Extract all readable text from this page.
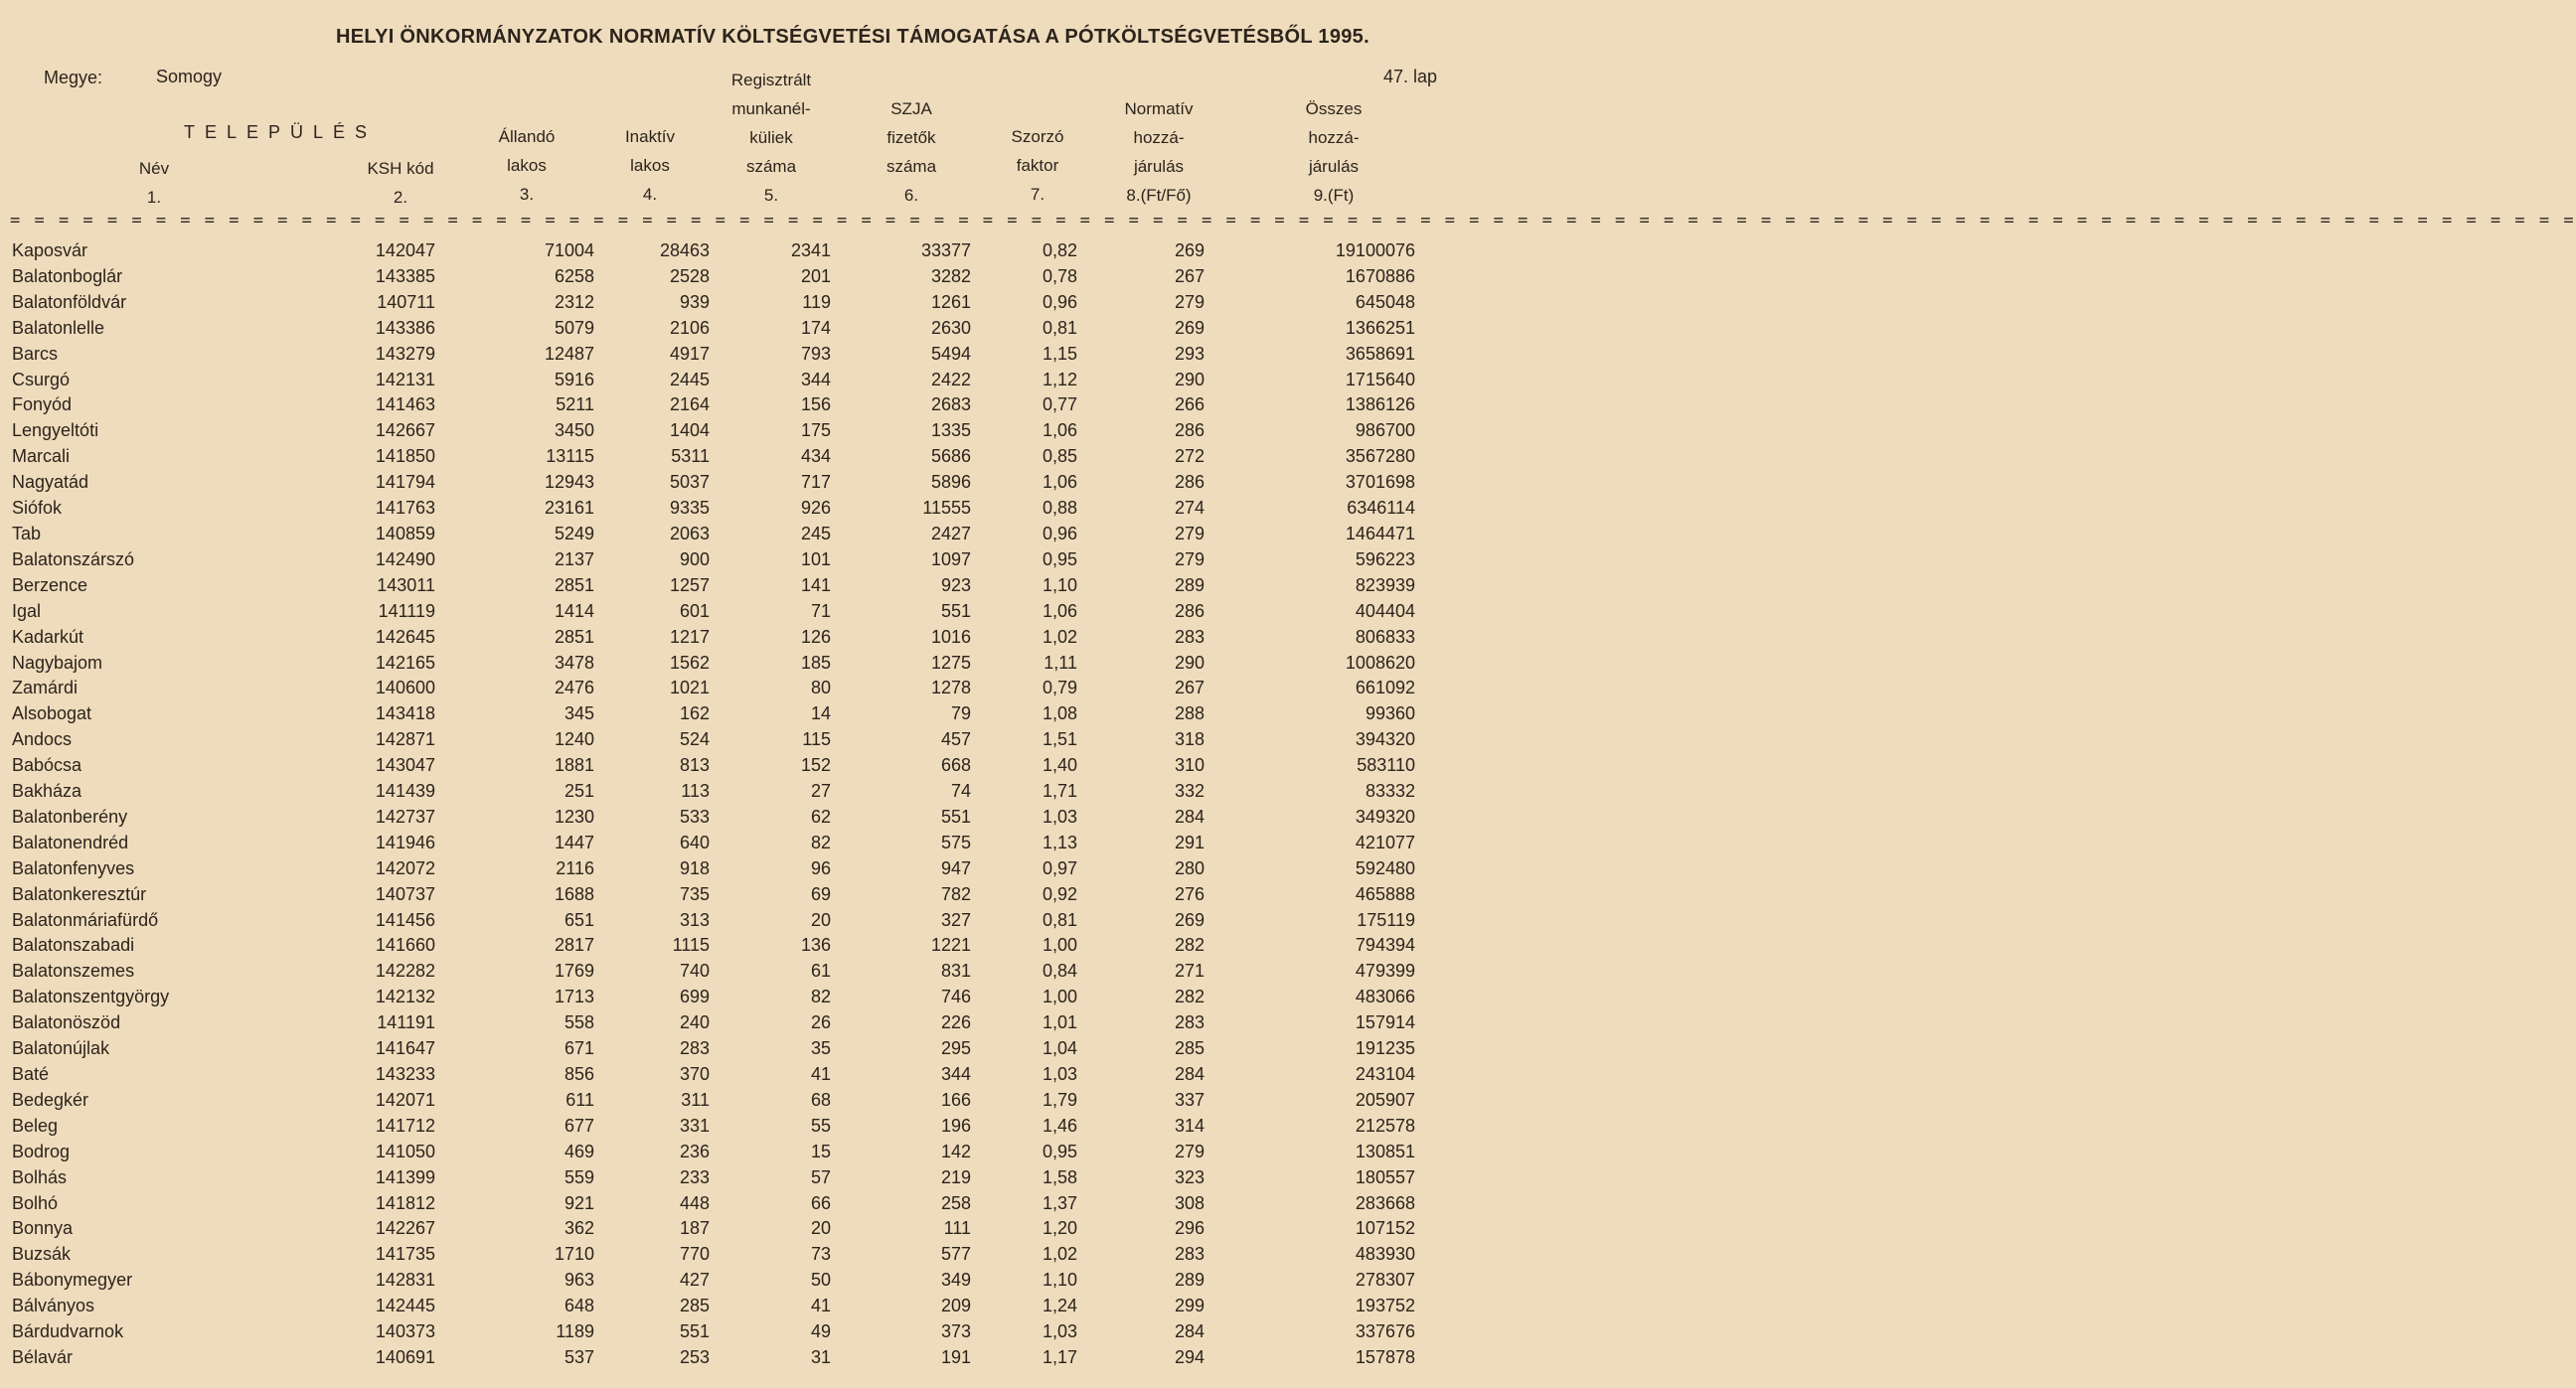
HELYI ÖNKORMÁNYZATOK NORMATÍV KÖLTSÉGVETÉSI TÁMOGATÁSA A PÓTKÖLTSÉGVETÉSBŐL 1995.
Megye:	Somogy	47. lap
TELEPÜLÉS
Név
1.
KSH kód
2.
Állandó
lakos
3.
Inaktív
lakos
4.
Regisztrált
munkanél-
küliek
száma
5.
SZJA
fizetők
száma
6.
Szorzó
faktor
7.
Normatív
hozzá-
járulás
8.(Ft/Fő)
Összes
hozzá-
járulás
9.(Ft)
= = = = = = = = = = = = = = = = = = = = = = = = = = = = = = = = = = = = = = = = = = = = = = = = = = = = = = = = = = = = = = = = = = = = = = = = = = = = = = = = = = = = = = = = = = = = = = = = = = = = = = = = = =
Kaposvár	142047	71004	28463	2341	33377	0,82	269	19100076
Balatonboglár	143385	6258	2528	201	3282	0,78	267	1670886
Balatonföldvár	140711	2312	939	119	1261	0,96	279	645048
Balatonlelle	143386	5079	2106	174	2630	0,81	269	1366251
Barcs	143279	12487	4917	793	5494	1,15	293	3658691
Csurgó	142131	5916	2445	344	2422	1,12	290	1715640
Fonyód	141463	5211	2164	156	2683	0,77	266	1386126
Lengyeltóti	142667	3450	1404	175	1335	1,06	286	986700
Marcali	141850	13115	5311	434	5686	0,85	272	3567280
Nagyatád	141794	12943	5037	717	5896	1,06	286	3701698
Siófok	141763	23161	9335	926	11555	0,88	274	6346114
Tab	140859	5249	2063	245	2427	0,96	279	1464471
Balatonszárszó	142490	2137	900	101	1097	0,95	279	596223
Berzence	143011	2851	1257	141	923	1,10	289	823939
Igal	141119	1414	601	71	551	1,06	286	404404
Kadarkút	142645	2851	1217	126	1016	1,02	283	806833
Nagybajom	142165	3478	1562	185	1275	1,11	290	1008620
Zamárdi	140600	2476	1021	80	1278	0,79	267	661092
Alsobogat	143418	345	162	14	79	1,08	288	99360
Andocs	142871	1240	524	115	457	1,51	318	394320
Babócsa	143047	1881	813	152	668	1,40	310	583110
Bakháza	141439	251	113	27	74	1,71	332	83332
Balatonberény	142737	1230	533	62	551	1,03	284	349320
Balatonendréd	141946	1447	640	82	575	1,13	291	421077
Balatonfenyves	142072	2116	918	96	947	0,97	280	592480
Balatonkeresztúr	140737	1688	735	69	782	0,92	276	465888
Balatonmáriafürdő	141456	651	313	20	327	0,81	269	175119
Balatonszabadi	141660	2817	1115	136	1221	1,00	282	794394
Balatonszemes	142282	1769	740	61	831	0,84	271	479399
Balatonszentgyörgy	142132	1713	699	82	746	1,00	282	483066
Balatonöszöd	141191	558	240	26	226	1,01	283	157914
Balatonújlak	141647	671	283	35	295	1,04	285	191235
Baté	143233	856	370	41	344	1,03	284	243104
Bedegkér	142071	611	311	68	166	1,79	337	205907
Beleg	141712	677	331	55	196	1,46	314	212578
Bodrog	141050	469	236	15	142	0,95	279	130851
Bolhás	141399	559	233	57	219	1,58	323	180557
Bolhó	141812	921	448	66	258	1,37	308	283668
Bonnya	142267	362	187	20	111	1,20	296	107152
Buzsák	141735	1710	770	73	577	1,02	283	483930
Bábonymegyer	142831	963	427	50	349	1,10	289	278307
Bálványos	142445	648	285	41	209	1,24	299	193752
Bárdudvarnok	140373	1189	551	49	373	1,03	284	337676
Bélavár	140691	537	253	31	191	1,17	294	157878
